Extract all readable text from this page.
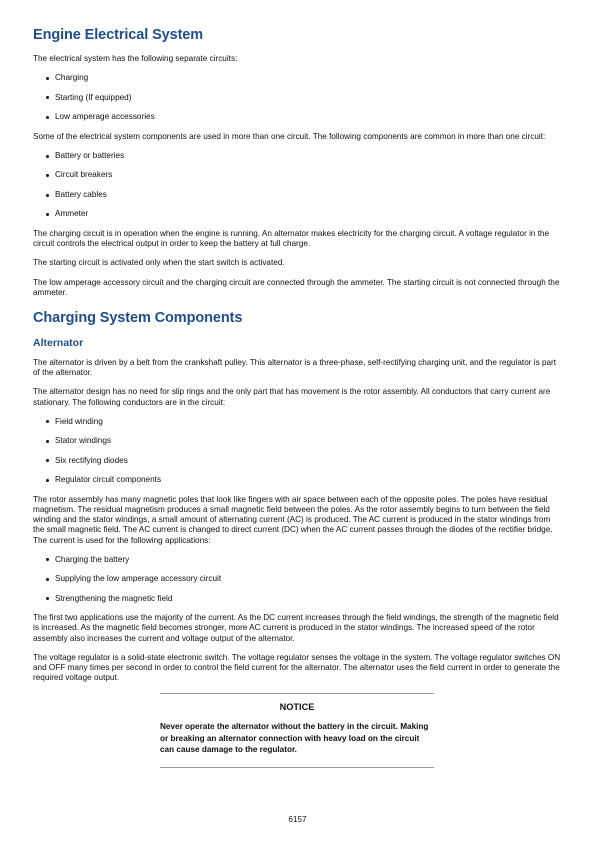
Engine Electrical System

The electrical system has the following separate circuits:

Charging
Starting (If equipped)
Low amperage accessories

Some of the electrical system components are used in more than one circuit. The following components are common in more than one circuit:

Battery or batteries
Circuit breakers
Battery cables
Ammeter

The charging circuit is in operation when the engine is running. An alternator makes electricity for the charging circuit. A voltage regulator in the circuit controls the electrical output in order to keep the battery at full charge.

The starting circuit is activated only when the start switch is activated.

The low amperage accessory circuit and the charging circuit are connected through the ammeter. The starting circuit is not connected through the ammeter.

Charging System Components
Alternator

The alternator is driven by a belt from the crankshaft pulley. This alternator is a three-phase, self-rectifying charging unit, and the regulator is part of the alternator.

The alternator design has no need for slip rings and the only part that has movement is the rotor assembly. All conductors that carry current are stationary. The following conductors are in the circuit:

Field winding
Stator windings
Six rectifying diodes
Regulator circuit components

The rotor assembly has many magnetic poles that look like fingers with air space between each of the opposite poles. The poles have residual magnetism. The residual magnetism produces a small magnetic field between the poles. As the rotor assembly begins to turn between the field winding and the stator windings, a small amount of alternating current (AC) is produced. The AC current is produced in the stator windings from the small magnetic field. The AC current is changed to direct current (DC) when the AC current passes through the diodes of the rectifier bridge. The current is used for the following applications:

Charging the battery
Supplying the low amperage accessory circuit
Strengthening the magnetic field

The first two applications use the majority of the current. As the DC current increases through the field windings, the strength of the magnetic field is increased. As the magnetic field becomes stronger, more AC current is produced in the stator windings. The increased speed of the rotor assembly also increases the current and voltage output of the alternator.

The voltage regulator is a solid-state electronic switch. The voltage regulator senses the voltage in the system. The voltage regulator switches ON and OFF many times per second in order to control the field current for the alternator. The alternator uses the field current in order to generate the required voltage output.

NOTICE
Never operate the alternator without the battery in the circuit. Making or breaking an alternator connection with heavy load on the circuit can cause damage to the regulator.
6157
